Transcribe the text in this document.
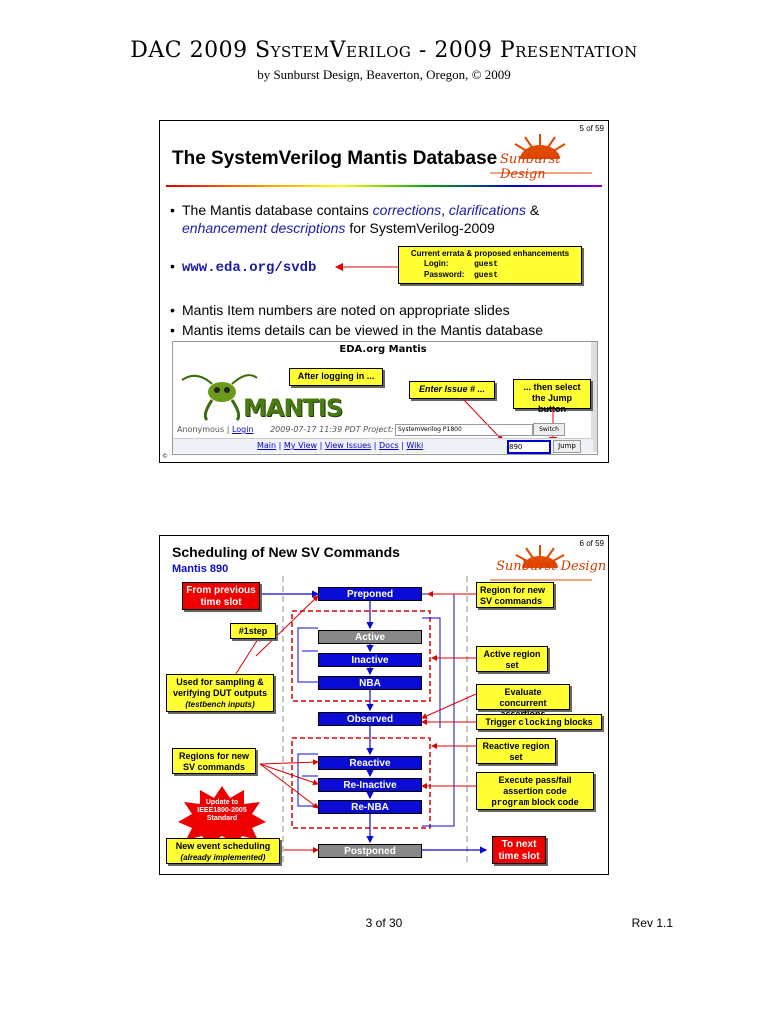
DAC 2009 SystemVerilog - 2009 Presentation
by Sunburst Design, Beaverton, Oregon, © 2009
5 of 59
The SystemVerilog Mantis Database Sunburst Design
• The Mantis database contains corrections, clarifications &
enhancement descriptions for SystemVerilog-2009
• www.eda.org/svdb
Current errata & proposed enhancements
Login:	guest
Password: guest
• Mantis Item numbers are noted on appropriate slides
• Mantis items details can be viewed in the Mantis database
EDA.org Mantis
MANTIS
After logging in ...
Enter Issue # ...	... then select the Jump button
Anonymous | Login 2009-07-17 11:39 PDT Project: SystemVerilog P1800	Switch
Main | My View | View Issues | Docs | Wiki	890	Jump
©
6 of 59
Scheduling of New SV Commands
Mantis 890	Sunburst Design
Preponed
Active
Inactive
NBA
Observed
Reactive
Re-Inactive
Re-NBA
Postponed
From previous time slot
#1step
Used for sampling & verifying DUT outputs
(testbench inputs)
Regions for new SV commands
Update to IEEE1800-2005 Standard
New event scheduling
(already implemented)
Region for new SV commands
Active region set
Evaluate concurrent
Trigger clocking blocks
Reactive region set
Execute pass/fail assertion code
program block code
To next time slot
3 of 30	Rev 1.1
